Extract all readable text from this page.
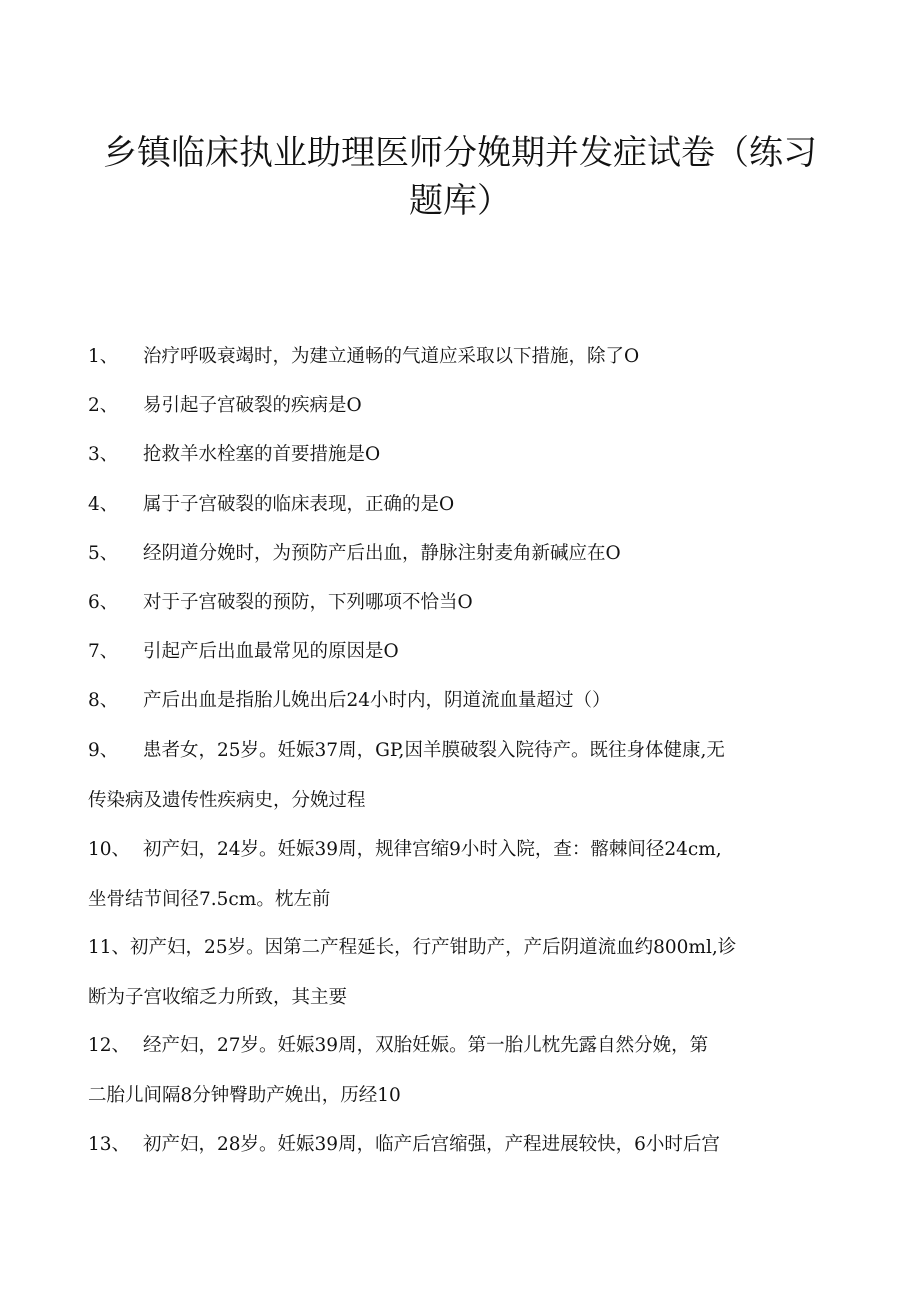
乡镇临床执业助理医师分娩期并发症试卷（练习
题库）
1、 治疗呼吸衰竭时，为建立通畅的气道应采取以下措施，除了O
2、 易引起子宫破裂的疾病是O
3、 抢救羊水栓塞的首要措施是O
4、 属于子宫破裂的临床表现，正确的是O
5、 经阴道分娩时，为预防产后出血，静脉注射麦角新碱应在O
6、 对于子宫破裂的预防，下列哪项不恰当O
7、 引起产后出血最常见的原因是O
8、 产后出血是指胎儿娩出后24小时内，阴道流血量超过（）
9、 患者女，25岁。妊娠37周，GP,因羊膜破裂入院待产。既往身体健康,无
传染病及遗传性疾病史，分娩过程
10、 初产妇，24岁。妊娠39周，规律宫缩9小时入院，查：髂棘间径24cm,
坐骨结节间径7.5cm。枕左前
11、初产妇，25岁。因第二产程延长，行产钳助产，产后阴道流血约800ml,诊
断为子宫收缩乏力所致，其主要
12、 经产妇，27岁。妊娠39周，双胎妊娠。第一胎儿枕先露自然分娩，第
二胎儿间隔8分钟臀助产娩出，历经10
13、 初产妇，28岁。妊娠39周，临产后宫缩强，产程进展较快，6小时后宫
